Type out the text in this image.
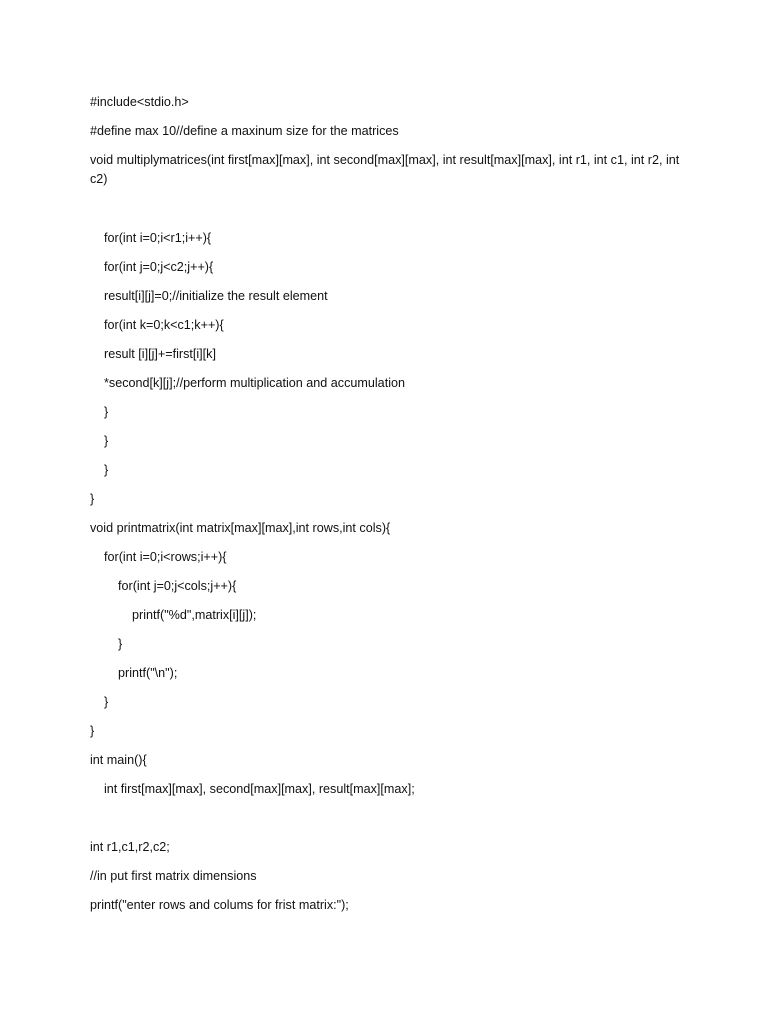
#include<stdio.h>

#define max 10//define a maxinum size for the matrices

void multiplymatrices(int first[max][max], int second[max][max], int result[max][max], int r1, int c1, int r2, int c2)

for(int i=0;i<r1;i++){

for(int j=0;j<c2;j++){

result[i][j]=0;//initialize the result element

for(int k=0;k<c1;k++){

result [i][j]+=first[i][k]

*second[k][j];//perform multiplication and accumulation

}

}

}

}

void printmatrix(int matrix[max][max],int rows,int cols){

for(int i=0;i<rows;i++){

for(int j=0;j<cols;j++){

printf("%d",matrix[i][j]);

}

printf("\n");

}

}

int main(){

int first[max][max], second[max][max], result[max][max];

int r1,c1,r2,c2;

//in put first matrix dimensions

printf("enter rows and colums for frist matrix:");
